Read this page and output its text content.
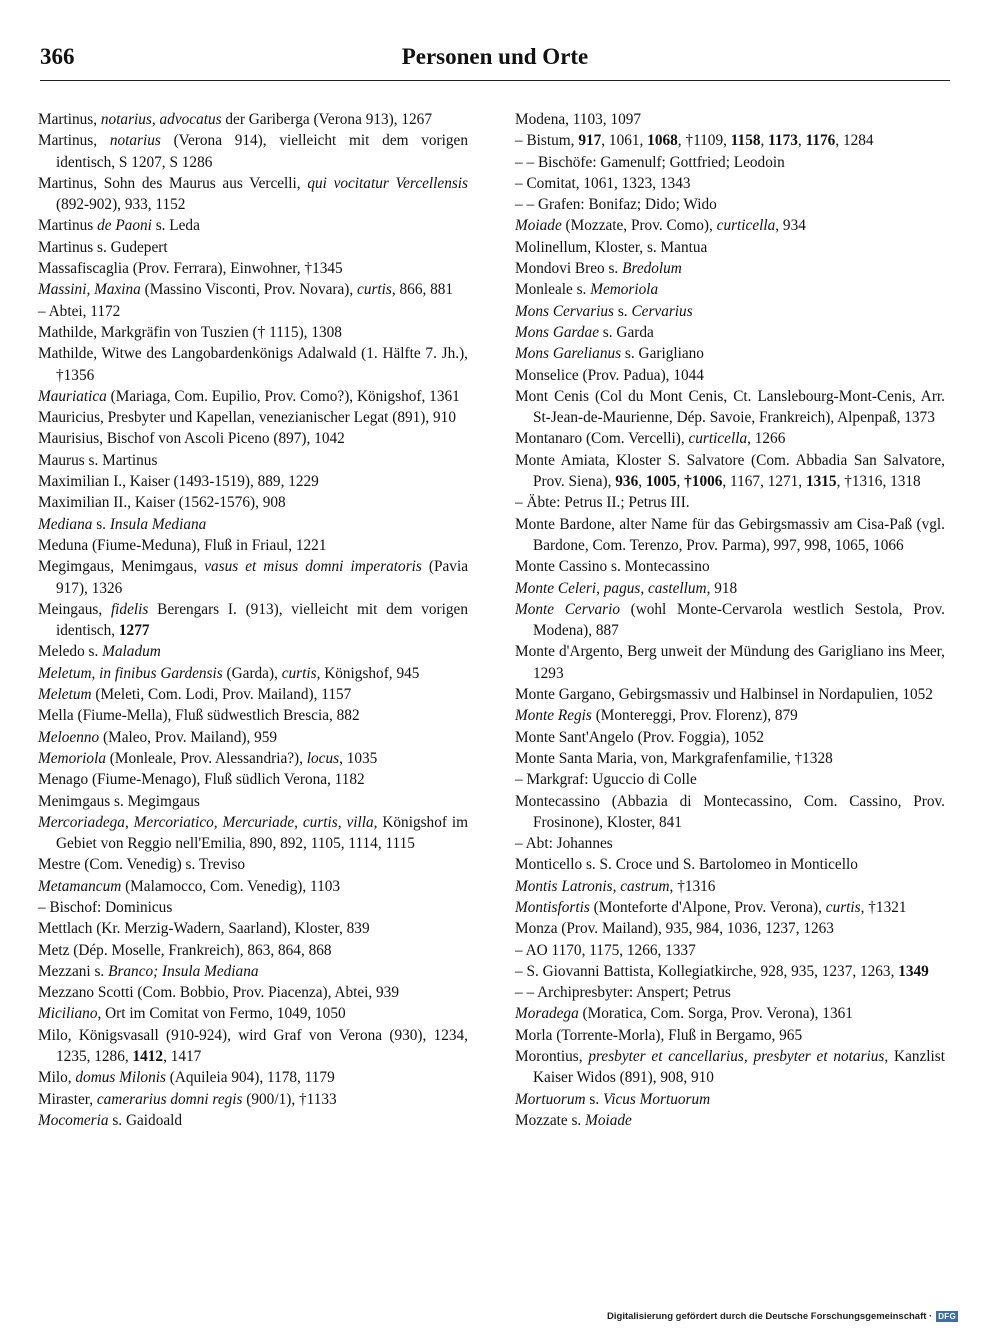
366	Personen und Orte
Martinus, notarius, advocatus der Gariberga (Verona 913), 1267
Martinus, notarius (Verona 914), vielleicht mit dem vorigen identisch, S 1207, S 1286
Martinus, Sohn des Maurus aus Vercelli, qui vocitatur Vercellensis (892-902), 933, 1152
Martinus de Paoni s. Leda
Martinus s. Gudepert
Massafiscaglia (Prov. Ferrara), Einwohner, †1345
Massini, Maxina (Massino Visconti, Prov. Novara), curtis, 866, 881
– Abtei, 1172
Mathilde, Markgräfin von Tuszien († 1115), 1308
Mathilde, Witwe des Langobardenkönigs Adalwald (1. Hälfte 7. Jh.), †1356
Mauriatica (Mariaga, Com. Eupilio, Prov. Como?), Königshof, 1361
Mauricius, Presbyter und Kapellan, venezianischer Legat (891), 910
Maurisius, Bischof von Ascoli Piceno (897), 1042
Maurus s. Martinus
Maximilian I., Kaiser (1493-1519), 889, 1229
Maximilian II., Kaiser (1562-1576), 908
Mediana s. Insula Mediana
Meduna (Fiume-Meduna), Fluß in Friaul, 1221
Megimgaus, Menimgaus, vasus et misus domni imperatoris (Pavia 917), 1326
Meingaus, fidelis Berengars I. (913), vielleicht mit dem vorigen identisch, 1277
Meledo s. Maladum
Meletum, in finibus Gardensis (Garda), curtis, Königshof, 945
Meletum (Meleti, Com. Lodi, Prov. Mailand), 1157
Mella (Fiume-Mella), Fluß südwestlich Brescia, 882
Meloenno (Maleo, Prov. Mailand), 959
Memoriola (Monleale, Prov. Alessandria?), locus, 1035
Menago (Fiume-Menago), Fluß südlich Verona, 1182
Menimgaus s. Megimgaus
Mercoriadega, Mercoriatico, Mercuriade, curtis, villa, Königshof im Gebiet von Reggio nell'Emilia, 890, 892, 1105, 1114, 1115
Mestre (Com. Venedig) s. Treviso
Metamancum (Malamocco, Com. Venedig), 1103
– Bischof: Dominicus
Mettlach (Kr. Merzig-Wadern, Saarland), Kloster, 839
Metz (Dép. Moselle, Frankreich), 863, 864, 868
Mezzani s. Branco; Insula Mediana
Mezzano Scotti (Com. Bobbio, Prov. Piacenza), Abtei, 939
Miciliano, Ort im Comitat von Fermo, 1049, 1050
Milo, Königsvasall (910-924), wird Graf von Verona (930), 1234, 1235, 1286, 1412, 1417
Milo, domus Milonis (Aquileia 904), 1178, 1179
Miraster, camerarius domni regis (900/1), †1133
Mocomeria s. Gaidoald
Modena, 1103, 1097
– Bistum, 917, 1061, 1068, †1109, 1158, 1173, 1176, 1284
– – Bischöfe: Gamenulf; Gottfried; Leodoin
– Comitat, 1061, 1323, 1343
– – Grafen: Bonifaz; Dido; Wido
Moiade (Mozzate, Prov. Como), curticella, 934
Molinellum, Kloster, s. Mantua
Mondovi Breo s. Bredolum
Monleale s. Memoriola
Mons Cervarius s. Cervarius
Mons Gardae s. Garda
Mons Garelianus s. Garigliano
Monselice (Prov. Padua), 1044
Mont Cenis (Col du Mont Cenis, Ct. Lanslebourg-Mont-Cenis, Arr. St-Jean-de-Maurienne, Dép. Savoie, Frankreich), Alpenpaß, 1373
Montanaro (Com. Vercelli), curticella, 1266
Monte Amiata, Kloster S. Salvatore (Com. Abbadia San Salvatore, Prov. Siena), 936, 1005, †1006, 1167, 1271, 1315, †1316, 1318
– Äbte: Petrus II.; Petrus III.
Monte Bardone, alter Name für das Gebirgsmassiv am Cisa-Paß (vgl. Bardone, Com. Terenzo, Prov. Parma), 997, 998, 1065, 1066
Monte Cassino s. Montecassino
Monte Celeri, pagus, castellum, 918
Monte Cervario (wohl Monte-Cervarola westlich Sestola, Prov. Modena), 887
Monte d'Argento, Berg unweit der Mündung des Garigliano ins Meer, 1293
Monte Gargano, Gebirgsmassiv und Halbinsel in Nordapulien, 1052
Monte Regis (Montereggi, Prov. Florenz), 879
Monte Sant'Angelo (Prov. Foggia), 1052
Monte Santa Maria, von, Markgrafenfamilie, †1328
– Markgraf: Uguccio di Colle
Montecassino (Abbazia di Montecassino, Com. Cassino, Prov. Frosinone), Kloster, 841
– Abt: Johannes
Monticello s. S. Croce und S. Bartolomeo in Monticello
Montis Latronis, castrum, †1316
Montisfortis (Monteforte d'Alpone, Prov. Verona), curtis, †1321
Monza (Prov. Mailand), 935, 984, 1036, 1237, 1263
– AO 1170, 1175, 1266, 1337
– S. Giovanni Battista, Kollegiatkirche, 928, 935, 1237, 1263, 1349
– – Archipresbyter: Anspert; Petrus
Moradega (Moratica, Com. Sorga, Prov. Verona), 1361
Morla (Torrente-Morla), Fluß in Bergamo, 965
Morontius, presbyter et cancellarius, presbyter et notarius, Kanzlist Kaiser Widos (891), 908, 910
Mortuorum s. Vicus Mortuorum
Mozzate s. Moiade
Digitalisierung gefördert durch die Deutsche Forschungsgemeinschaft · DFG
